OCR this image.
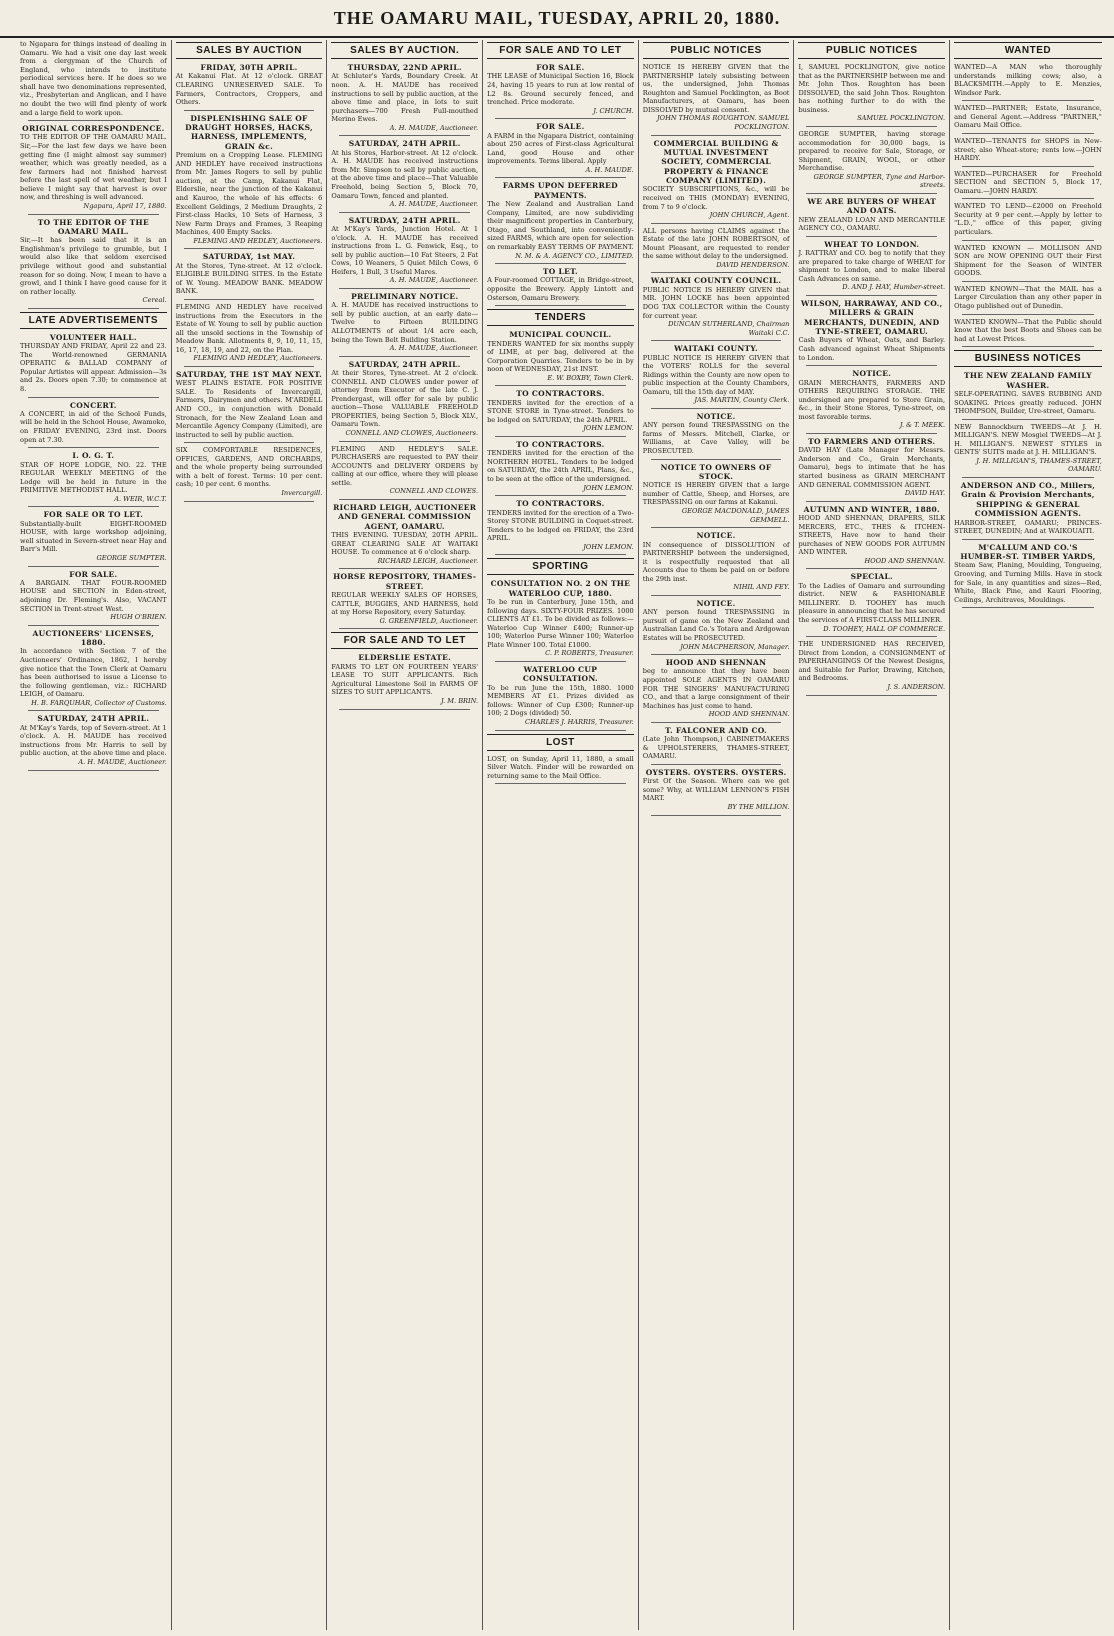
THE OAMARU MAIL, TUESDAY, APRIL 20, 1880.
to Ngapara for things instead of dealing in Oamaru. We had a visit one day last week from a clergyman of the Church of England, who intends to institute periodical services here. If he does so we shall have two denominations represented, viz., Presbyterian and Anglican, and I have no doubt the two will find plenty of work and a large field to work upon.
ORIGINAL CORRESPONDENCE.
TO THE EDITOR OF THE OAMARU MAIL. Sir,—For the last few days we have been getting fine (I might almost say summer) weather, which was greatly needed, as a few farmers had not finished harvest before the last spell of wet weather, but I believe I might say that harvest is over now, and threshing is well advanced.
Ngapara, April 17, 1880.
TO THE EDITOR OF THE OAMARU MAIL.
Sir,—It has been said that it is an Englishman's privilege to grumble, but I would also like that seldom exercised privilege without good and substantial reason for so doing. Now, I mean to have a growl, and I think I have good cause for it on rather locally.
Cereal.
LATE ADVERTISEMENTS
VOLUNTEER HALL.
THURSDAY AND FRIDAY, April 22 and 23. The World-renowned GERMANIA OPERATIC & BALLAD COMPANY of Popular Artistes will appear. Admission—3s and 2s. Doors open 7.30; to commence at 8.
CONCERT.
A CONCERT, in aid of the School Funds, will be held in the School House, Awamoko, on FRIDAY EVENING, 23rd inst. Doors open at 7.30.
I. O. G. T.
STAR OF HOPE LODGE, NO. 22. THE REGULAR WEEKLY MEETING of the Lodge will be held in future in the PRIMITIVE METHODIST HALL.
A. WEIR, W.C.T.
FOR SALE OR TO LET.
Substantially-built EIGHT-ROOMED HOUSE, with large workshop adjoining, well situated in Severn-street near Hay and Barr's Mill.
GEORGE SUMPTER.
FOR SALE.
A BARGAIN. THAT FOUR-ROOMED HOUSE and SECTION in Eden-street, adjoining Dr. Fleming's. Also, VACANT SECTION in Trent-street West.
HUGH O'BRIEN.
AUCTIONEERS' LICENSES, 1880.
In accordance with Section 7 of the Auctioneers' Ordinance, 1862, I hereby give notice that the Town Clerk at Oamaru has been authorised to issue a License to the following gentleman, viz.: RICHARD LEIGH, of Oamaru.
H. B. FARQUHAR, Collector of Customs.
SATURDAY, 24TH APRIL.
At M'Kay's Yards, top of Severn-street. At 1 o'clock. A. H. MAUDE has received instructions from Mr. Harris to sell by public auction, at the above time and place.
A. H. MAUDE, Auctioneer.
SALES BY AUCTION
FRIDAY, 30TH APRIL.
At Kakanui Flat. At 12 o'clock. GREAT CLEARING UNRESERVED SALE. To Farmers, Contractors, Croppers, and Others.
DISPLENISHING SALE OF DRAUGHT HORSES, HACKS, HARNESS, IMPLEMENTS, GRAIN &c.
Premium on a Cropping Lease. FLEMING AND HEDLEY have received instructions from Mr. James Rogers to sell by public auction, at the Camp, Kakanui Flat, Elderslie, near the junction of the Kakanui and Kauroo, the whole of his effects: 6 Excellent Geldings, 2 Medium Draughts, 2 First-class Hacks, 10 Sets of Harness, 3 New Farm Drays and Frames, 3 Reaping Machines, 400 Empty Sacks.
FLEMING AND HEDLEY, Auctioneers.
SATURDAY, 1st MAY.
At the Stores, Tyne-street. At 12 o'clock. ELIGIBLE BUILDING SITES. In the Estate of W. Young. MEADOW BANK. MEADOW BANK.
FLEMING AND HEDLEY have received instructions from the Executors in the Estate of W. Young to sell by public auction all the unsold sections in the Township of Meadow Bank. Allotments 8, 9, 10, 11, 15, 16, 17, 18, 19, and 22, on the Plan.
FLEMING AND HEDLEY, Auctioneers.
SATURDAY, THE 1ST MAY NEXT.
WEST PLAINS ESTATE. FOR POSITIVE SALE. To Residents of Invercargill, Farmers, Dairymen and others. M'ARDELL AND CO., in conjunction with Donald Stronach, for the New Zealand Loan and Mercantile Agency Company (Limited), are instructed to sell by public auction.
SIX COMFORTABLE RESIDENCES, OFFICES, GARDENS, AND ORCHARDS, and the whole property being surrounded with a belt of forest. Terms: 10 per cent. cash; 10 per cent. 6 months.
Invercargill.
SALES BY AUCTION.
THURSDAY, 22ND APRIL.
At Schluter's Yards, Boundary Creek. At noon. A. H. MAUDE has received instructions to sell by public auction, at the above time and place, in lots to suit purchasers—700 Fresh Full-mouthed Merino Ewes.
A. H. MAUDE, Auctioneer.
SATURDAY, 24TH APRIL.
At his Stores, Harbor-street. At 12 o'clock. A. H. MAUDE has received instructions from Mr. Simpson to sell by public auction, at the above time and place—That Valuable Freehold, being Section 5, Block 70, Oamaru Town, fenced and planted.
A. H. MAUDE, Auctioneer.
SATURDAY, 24TH APRIL.
At M'Kay's Yards, Junction Hotel. At 1 o'clock. A. H. MAUDE has received instructions from L. G. Fenwick, Esq., to sell by public auction—10 Fat Steers, 2 Fat Cows, 10 Weaners, 5 Quiet Milch Cows, 6 Heifers, 1 Bull, 3 Useful Mares.
A. H. MAUDE, Auctioneer.
PRELIMINARY NOTICE.
A. H. MAUDE has received instructions to sell by public auction, at an early date—Twelve to Fifteen BUILDING ALLOTMENTS of about 1/4 acre each, being the Town Belt Building Station.
A. H. MAUDE, Auctioneer.
SATURDAY, 24TH APRIL.
At their Stores, Tyne-street. At 2 o'clock. CONNELL AND CLOWES under power of attorney from Executor of the late C. J. Prendergast, will offer for sale by public auction—Those VALUABLE FREEHOLD PROPERTIES, being Section 5, Block XLV., Oamaru Town.
CONNELL AND CLOWES, Auctioneers.
FLEMING AND HEDLEY'S SALE. PURCHASERS are requested to PAY their ACCOUNTS and DELIVERY ORDERS by calling at our office, where they will please settle.
CONNELL AND CLOWES.
RICHARD LEIGH, AUCTIONEER AND GENERAL COMMISSION AGENT, OAMARU.
THIS EVENING. TUESDAY, 20TH APRIL. GREAT CLEARING SALE AT WAITAKI HOUSE. To commence at 6 o'clock sharp.
RICHARD LEIGH, Auctioneer.
HORSE REPOSITORY, THAMES-STREET.
REGULAR WEEKLY SALES OF HORSES, CATTLE, BUGGIES, AND HARNESS, held at my Horse Repository, every Saturday.
G. GREENFIELD, Auctioneer.
FOR SALE AND TO LET
ELDERSLIE ESTATE.
FARMS TO LET ON FOURTEEN YEARS' LEASE TO SUIT APPLICANTS. Rich Agricultural Limestone Soil in FARMS OF SIZES TO SUIT APPLICANTS.
J. M. BRIN.
FOR SALE AND TO LET
FOR SALE.
THE LEASE of Municipal Section 16, Block 24, having 15 years to run at low rental of L2 8s. Ground securely fenced, and trenched. Price moderate.
J. CHURCH.
FOR SALE.
A FARM in the Ngapara District, containing about 250 acres of First-class Agricultural Land, good House and other improvements. Terms liberal. Apply
A. H. MAUDE.
FARMS UPON DEFERRED PAYMENTS.
The New Zealand and Australian Land Company, Limited, are now subdividing their magnificent properties in Canterbury, Otago, and Southland, into conveniently-sized FARMS, which are open for selection on remarkably EASY TERMS OF PAYMENT.
N. M. & A. AGENCY CO., LIMITED.
TO LET.
A Four-roomed COTTAGE, in Bridge-street, opposite the Brewery. Apply Lintott and Osterson, Oamaru Brewery.
TENDERS
MUNICIPAL COUNCIL.
TENDERS WANTED for six months supply of LIME, at per bag, delivered at the Corporation Quarries. Tenders to be in by noon of WEDNESDAY, 21st INST.
E. W. BOXBY, Town Clerk.
TO CONTRACTORS.
TENDERS invited for the erection of a STONE STORE in Tyne-street. Tenders to be lodged on SATURDAY, the 24th APRIL.
JOHN LEMON.
TO CONTRACTORS.
TENDERS invited for the erection of the NORTHERN HOTEL. Tenders to be lodged on SATURDAY, the 24th APRIL, Plans, &c., to be seen at the office of the undersigned.
JOHN LEMON.
TO CONTRACTORS.
TENDERS invited for the erection of a Two-Storey STONE BUILDING in Coquet-street. Tenders to be lodged on FRIDAY, the 23rd APRIL.
JOHN LEMON.
SPORTING
CONSULTATION NO. 2 ON THE WATERLOO CUP, 1880.
To be run in Canterbury, June 15th, and following days. SIXTY-FOUR PRIZES. 1000 CLIENTS AT £1. To be divided as follows:—Waterloo Cup Winner £400; Runner-up 100; Waterloo Purse Winner 100; Waterloo Plate Winner 100. Total £1000.
C. P. ROBERTS, Treasurer.
WATERLOO CUP CONSULTATION.
To be run June the 15th, 1880. 1000 MEMBERS AT £1. Prizes divided as follows: Winner of Cup £300; Runner-up 100; 2 Dogs (divided) 50.
CHARLES J. HARRIS, Treasurer.
LOST
LOST, on Sunday, April 11, 1880, a small Silver Watch. Finder will be rewarded on returning same to the Mail Office.
PUBLIC NOTICES
NOTICE IS HEREBY GIVEN that the PARTNERSHIP lately subsisting between us, the undersigned, John Thomas Roughton and Samuel Pocklington, as Boot Manufacturers, at Oamaru, has been DISSOLVED by mutual consent.
JOHN THOMAS ROUGHTON. SAMUEL POCKLINGTON.
COMMERCIAL BUILDING & MUTUAL INVESTMENT SOCIETY, COMMERCIAL PROPERTY & FINANCE COMPANY (LIMITED).
SOCIETY SUBSCRIPTIONS, &c., will be received on THIS (MONDAY) EVENING, from 7 to 9 o'clock.
JOHN CHURCH, Agent.
ALL persons having CLAIMS against the Estate of the late JOHN ROBERTSON, of Mount Pleasant, are requested to render the same without delay to the undersigned.
DAVID HENDERSON.
WAITAKI COUNTY COUNCIL.
PUBLIC NOTICE IS HEREBY GIVEN that MR. JOHN LOCKE has been appointed DOG TAX COLLECTOR within the County for current year.
DUNCAN SUTHERLAND, Chairman Waitaki C.C.
WAITAKI COUNTY.
PUBLIC NOTICE IS HEREBY GIVEN that the VOTERS' ROLLS for the several Ridings within the County are now open to public inspection at the County Chambers, Oamaru, till the 15th day of MAY.
JAS. MARTIN, County Clerk.
NOTICE.
ANY person found TRESPASSING on the farms of Messrs. Mitchell, Clarke, or Williams, at Cave Valley, will be PROSECUTED.
NOTICE TO OWNERS OF STOCK.
NOTICE IS HEREBY GIVEN that a large number of Cattle, Sheep, and Horses, are TRESPASSING on our farms at Kakanui.
GEORGE MACDONALD, JAMES GEMMELL.
NOTICE.
IN consequence of DISSOLUTION of PARTNERSHIP between the undersigned, it is respectfully requested that all Accounts due to them be paid on or before the 29th inst.
NIHIL AND FEY.
NOTICE.
ANY person found TRESPASSING in pursuit of game on the New Zealand and Australian Land Co.'s Totara and Ardgowan Estates will be PROSECUTED.
JOHN MACPHERSON, Manager.
HOOD AND SHENNAN
beg to announce that they have been appointed SOLE AGENTS IN OAMARU FOR THE SINGERS' MANUFACTURING CO., and that a large consignment of their Machines has just come to hand.
HOOD AND SHENNAN.
T. FALCONER AND CO.
(Late John Thompson,) CABINETMAKERS & UPHOLSTERERS, THAMES-STREET, OAMARU.
OYSTERS. OYSTERS. OYSTERS.
First Of the Season. Where can we get some? Why, at WILLIAM LENNON'S FISH MART.
BY THE MILLION.
PUBLIC NOTICES
I, SAMUEL POCKLINGTON, give notice that as the PARTNERSHIP between me and Mr. John Thos. Roughton has been DISSOLVED, the said John Thos. Roughton has nothing further to do with the business.
SAMUEL POCKLINGTON.
GEORGE SUMPTER, having storage accommodation for 30,000 bags, is prepared to receive for Sale, Storage, or Shipment, GRAIN, WOOL, or other Merchandise.
GEORGE SUMPTER, Tyne and Harbor-streets.
WE ARE BUYERS OF WHEAT AND OATS.
NEW ZEALAND LOAN AND MERCANTILE AGENCY CO., OAMARU.
WHEAT TO LONDON.
J. RATTRAY and CO. beg to notify that they are prepared to take charge of WHEAT for shipment to London, and to make liberal Cash Advances on same.
D. AND J. HAY, Humber-street.
WILSON, HARRAWAY, AND CO., MILLERS & GRAIN MERCHANTS, DUNEDIN, AND TYNE-STREET, OAMARU.
Cash Buyers of Wheat, Oats, and Barley. Cash advanced against Wheat Shipments to London.
NOTICE.
GRAIN MERCHANTS, FARMERS AND OTHERS REQUIRING STORAGE. THE undersigned are prepared to Store Grain, &c., in their Stone Stores, Tyne-street, on most favorable terms.
J. & T. MEEK.
TO FARMERS AND OTHERS.
DAVID HAY (Late Manager for Messrs. Anderson and Co., Grain Merchants, Oamaru), begs to intimate that he has started business as GRAIN MERCHANT AND GENERAL COMMISSION AGENT.
DAVID HAY.
AUTUMN AND WINTER, 1880.
HOOD AND SHENNAN, DRAPERS, SILK MERCERS, ETC., THES & ITCHEN-STREETS, Have now to hand their purchases of NEW GOODS FOR AUTUMN AND WINTER.
HOOD AND SHENNAN.
SPECIAL.
To the Ladies of Oamaru and surrounding district. NEW & FASHIONABLE MILLINERY. D. TOOHEY has much pleasure in announcing that he has secured the services of A FIRST-CLASS MILLINER.
D. TOOHEY, HALL OF COMMERCE.
THE UNDERSIGNED HAS RECEIVED, Direct from London, a CONSIGNMENT of PAPERHANGINGS Of the Newest Designs, and Suitable for Parlor, Drawing, Kitchen, and Bedrooms.
J. S. ANDERSON.
WANTED
WANTED—A MAN who thoroughly understands milking cows; also, a BLACKSMITH.—Apply to E. Menzies, Windsor Park.
WANTED—PARTNER; Estate, Insurance, and General Agent.—Address "PARTNER," Oamaru Mail Office.
WANTED—TENANTS for SHOPS in New-street; also Wheat-store; rents low.—JOHN HARDY.
WANTED—PURCHASER for Freehold SECTION and SECTION 5, Block 17, Oamaru.—JOHN HARDY.
WANTED TO LEND—£2000 on Freehold Security at 9 per cent.—Apply by letter to "L.D.," office of this paper, giving particulars.
WANTED KNOWN — MOLLISON AND SON are NOW OPENING OUT their First Shipment for the Season of WINTER GOODS.
WANTED KNOWN—That the MAIL has a Larger Circulation than any other paper in Otago published out of Dunedin.
WANTED KNOWN—That the Public should know that the best Boots and Shoes can be had at Lowest Prices.
BUSINESS NOTICES
THE NEW ZEALAND FAMILY WASHER.
SELF-OPERATING. SAVES RUBBING AND SOAKING. Prices greatly reduced. JOHN THOMPSON, Builder, Ure-street, Oamaru.
NEW Bannockburn TWEEDS—At J. H. MILLIGAN'S. NEW Mosgiel TWEEDS—At J. H. MILLIGAN'S. NEWEST STYLES in GENTS' SUITS made at J. H. MILLIGAN'S.
J. H. MILLIGAN'S, THAMES-STREET, OAMARU.
ANDERSON AND CO., Millers, Grain & Provision Merchants, SHIPPING & GENERAL COMMISSION AGENTS.
HARBOR-STREET, OAMARU; PRINCES-STREET, DUNEDIN; And at WAIKOUAITI.
M'CALLUM AND CO.'S HUMBER-ST. TIMBER YARDS,
Steam Saw, Planing, Moulding, Tongueing, Grooving, and Turning Mills. Have in stock for Sale, in any quantities and sizes—Red, White, Black Pine, and Kauri Flooring, Ceilings, Architraves, Mouldings.
